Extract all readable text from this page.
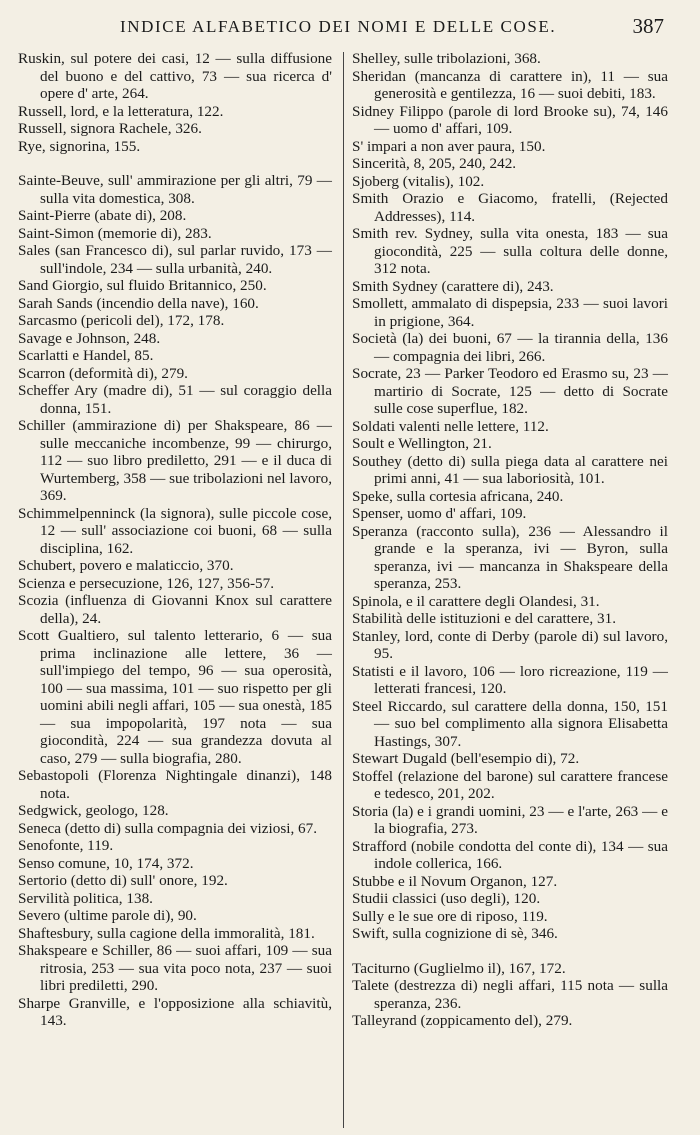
INDICE ALFABETICO DEI NOMI E DELLE COSE.	387

Ruskin, sul potere dei casi, 12 — sulla diffusione del buono e del cattivo, 73 — sua ricerca d' opere d' arte, 264.

Russell, lord, e la letteratura, 122.

Russell, signora Rachele, 326.

Rye, signorina, 155.

Sainte-Beuve, sull' ammirazione per gli altri, 79 — sulla vita domestica, 308.

Saint-Pierre (abate di), 208.

Saint-Simon (memorie di), 283.

Sales (san Francesco di), sul parlar ruvido, 173 — sull'indole, 234 — sulla urbanità, 240.

Sand Giorgio, sul fluido Britannico, 250.

Sarah Sands (incendio della nave), 160.

Sarcasmo (pericoli del), 172, 178.

Savage e Johnson, 248.

Scarlatti e Handel, 85.

Scarron (deformità di), 279.

Scheffer Ary (madre di), 51 — sul coraggio della donna, 151.

Schiller (ammirazione di) per Shakspeare, 86 — sulle meccaniche incombenze, 99 — chirurgo, 112 — suo libro prediletto, 291 — e il duca di Wurtemberg, 358 — sue tribolazioni nel lavoro, 369.

Schimmelpenninck (la signora), sulle piccole cose, 12 — sull' associazione coi buoni, 68 — sulla disciplina, 162.

Schubert, povero e malaticcio, 370.

Scienza e persecuzione, 126, 127, 356-57.

Scozia (influenza di Giovanni Knox sul carattere della), 24.

Scott Gualtiero, sul talento letterario, 6 — sua prima inclinazione alle lettere, 36 — sull'impiego del tempo, 96 — sua operosità, 100 — sua massima, 101 — suo rispetto per gli uomini abili negli affari, 105 — sua onestà, 185 — sua impopolarità, 197 nota — sua giocondità, 224 — sua grandezza dovuta al caso, 279 — sulla biografia, 280.

Sebastopoli (Florenza Nightingale dinanzi), 148 nota.

Sedgwick, geologo, 128.

Seneca (detto di) sulla compagnia dei viziosi, 67.

Senofonte, 119.

Senso comune, 10, 174, 372.

Sertorio (detto di) sull' onore, 192.

Servilità politica, 138.

Severo (ultime parole di), 90.

Shaftesbury, sulla cagione della immoralità, 181.

Shakspeare e Schiller, 86 — suoi affari, 109 — sua ritrosia, 253 — sua vita poco nota, 237 — suoi libri prediletti, 290.

Sharpe Granville, e l'opposizione alla schiavitù, 143.

Shelley, sulle tribolazioni, 368.

Sheridan (mancanza di carattere in), 11 — sua generosità e gentilezza, 16 — suoi debiti, 183.

Sidney Filippo (parole di lord Brooke su), 74, 146 — uomo d' affari, 109.

S' impari a non aver paura, 150.

Sincerità, 8, 205, 240, 242.

Sjoberg (vitalis), 102.

Smith Orazio e Giacomo, fratelli, (Rejected Addresses), 114.

Smith rev. Sydney, sulla vita onesta, 183 — sua giocondità, 225 — sulla coltura delle donne, 312 nota.

Smith Sydney (carattere di), 243.

Smollett, ammalato di dispepsia, 233 — suoi lavori in prigione, 364.

Società (la) dei buoni, 67 — la tirannia della, 136 — compagnia dei libri, 266.

Socrate, 23 — Parker Teodoro ed Erasmo su, 23 — martirio di Socrate, 125 — detto di Socrate sulle cose superflue, 182.

Soldati valenti nelle lettere, 112.

Soult e Wellington, 21.

Southey (detto di) sulla piega data al carattere nei primi anni, 41 — sua laboriosità, 101.

Speke, sulla cortesia africana, 240.

Spenser, uomo d' affari, 109.

Speranza (racconto sulla), 236 — Alessandro il grande e la speranza, ivi — Byron, sulla speranza, ivi — mancanza in Shakspeare della speranza, 253.

Spinola, e il carattere degli Olandesi, 31.

Stabilità delle istituzioni e del carattere, 31.

Stanley, lord, conte di Derby (parole di) sul lavoro, 95.

Statisti e il lavoro, 106 — loro ricreazione, 119 — letterati francesi, 120.

Steel Riccardo, sul carattere della donna, 150, 151 — suo bel complimento alla signora Elisabetta Hastings, 307.

Stewart Dugald (bell'esempio di), 72.

Stoffel (relazione del barone) sul carattere francese e tedesco, 201, 202.

Storia (la) e i grandi uomini, 23 — e l'arte, 263 — e la biografia, 273.

Strafford (nobile condotta del conte di), 134 — sua indole collerica, 166.

Stubbe e il Novum Organon, 127.

Studii classici (uso degli), 120.

Sully e le sue ore di riposo, 119.

Swift, sulla cognizione di sè, 346.

Taciturno (Guglielmo il), 167, 172.

Talete (destrezza di) negli affari, 115 nota — sulla speranza, 236.

Talleyrand (zoppicamento del), 279.
